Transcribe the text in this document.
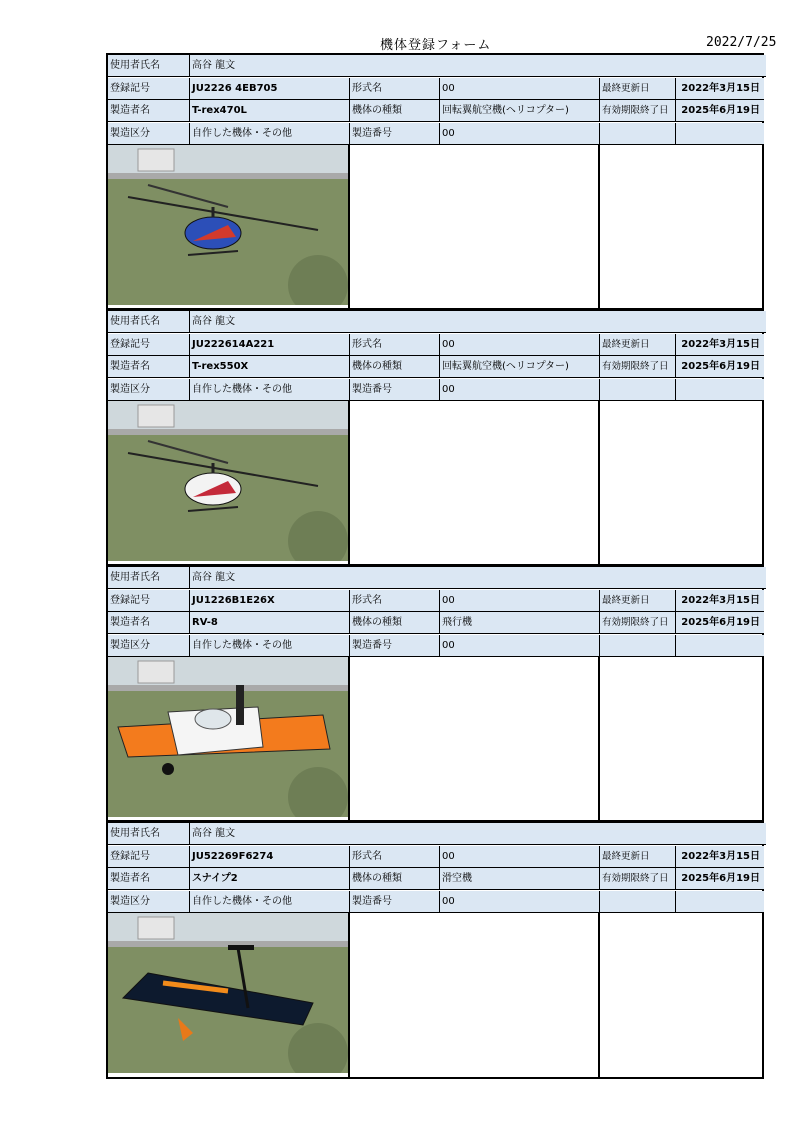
機体登録フォーム	2022/7/25
使用者氏名	高谷 龍文
登録記号	JU2226 4EB705	形式名	00	最終更新日	2022年3月15日
製造者名	T-rex470L	機体の種類	回転翼航空機(ヘリコプター)	有効期限終了日	2025年6月19日
製造区分	自作した機体・その他	製造番号	00
使用者氏名	高谷 龍文
登録記号	JU222614A221	形式名	00	最終更新日	2022年3月15日
製造者名	T-rex550X	機体の種類	回転翼航空機(ヘリコプター)	有効期限終了日	2025年6月19日
製造区分	自作した機体・その他	製造番号	00
使用者氏名	高谷 龍文
登録記号	JU1226B1E26X	形式名	00	最終更新日	2022年3月15日
製造者名	RV-8	機体の種類	飛行機	有効期限終了日	2025年6月19日
製造区分	自作した機体・その他	製造番号	00
使用者氏名	高谷 龍文
登録記号	JU52269F6274	形式名	00	最終更新日	2022年3月15日
製造者名	スナイプ2	機体の種類	滑空機	有効期限終了日	2025年6月19日
製造区分	自作した機体・その他	製造番号	00
